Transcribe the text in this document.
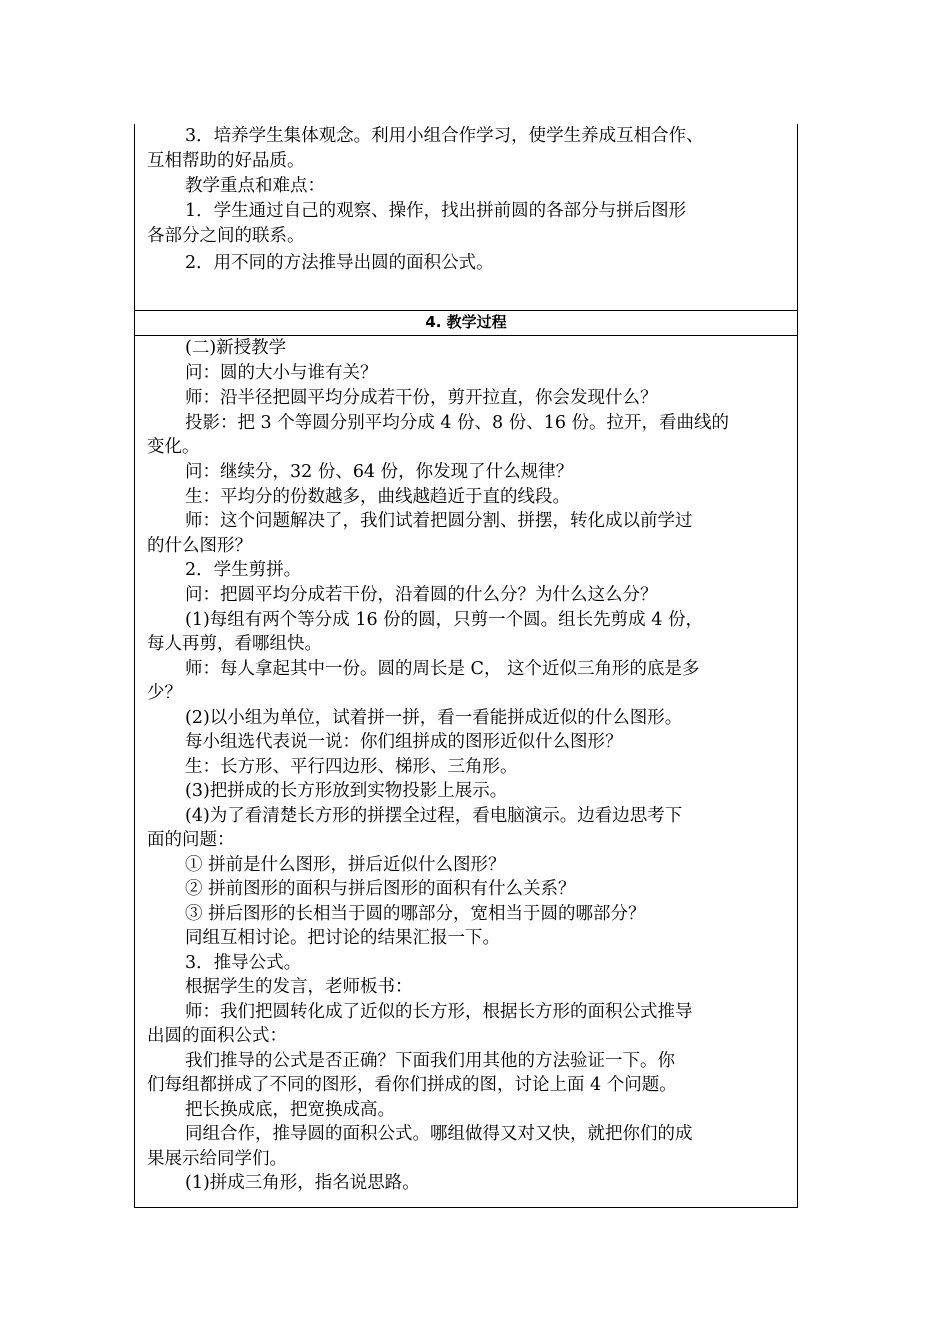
3．培养学生集体观念。利用小组合作学习，使学生养成互相合作、

互相帮助的好品质。

教学重点和难点：

1．学生通过自己的观察、操作，找出拼前圆的各部分与拼后图形

各部分之间的联系。

2．用不同的方法推导出圆的面积公式。

4. 教学过程

(二)新授教学

问：圆的大小与谁有关？

师：沿半径把圆平均分成若干份，剪开拉直，你会发现什么？

投影：把 3 个等圆分别平均分成 4 份、8 份、16 份。拉开，看曲线的

变化。

问：继续分，32 份、64 份，你发现了什么规律？

生：平均分的份数越多，曲线越趋近于直的线段。

师：这个问题解决了，我们试着把圆分割、拼摆，转化成以前学过

的什么图形？

2．学生剪拼。

问：把圆平均分成若干份，沿着圆的什么分？为什么这么分？

(1)每组有两个等分成 16 份的圆，只剪一个圆。组长先剪成 4 份，

每人再剪，看哪组快。

师：每人拿起其中一份。圆的周长是 C， 这个近似三角形的底是多

少？

(2)以小组为单位，试着拼一拼，看一看能拼成近似的什么图形。

每小组选代表说一说：你们组拼成的图形近似什么图形？

生：长方形、平行四边形、梯形、三角形。

(3)把拼成的长方形放到实物投影上展示。

(4)为了看清楚长方形的拼摆全过程，看电脑演示。边看边思考下

面的问题：

① 拼前是什么图形，拼后近似什么图形？

② 拼前图形的面积与拼后图形的面积有什么关系？

③ 拼后图形的长相当于圆的哪部分，宽相当于圆的哪部分？

同组互相讨论。把讨论的结果汇报一下。

3．推导公式。

根据学生的发言，老师板书：

师：我们把圆转化成了近似的长方形，根据长方形的面积公式推导

出圆的面积公式：

我们推导的公式是否正确？下面我们用其他的方法验证一下。你

们每组都拼成了不同的图形，看你们拼成的图，讨论上面 4 个问题。

把长换成底，把宽换成高。

同组合作，推导圆的面积公式。哪组做得又对又快，就把你们的成

果展示给同学们。

(1)拼成三角形，指名说思路。
